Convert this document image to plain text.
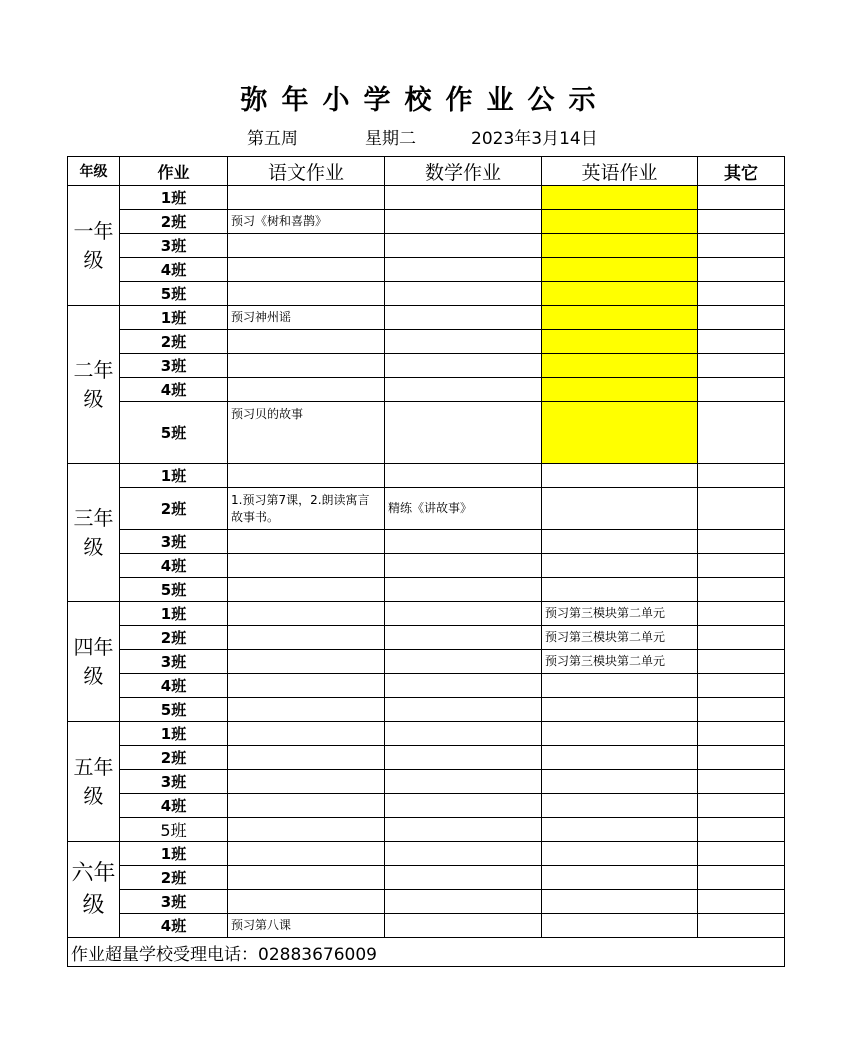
弥年小学校作业公示
第五周	星期二	2023年3月14日
年级	作业	语文作业	数学作业	英语作业	其它
一年级	1班				
	2班	预习《树和喜鹊》			
	3班				
	4班				
	5班				
二年级	1班	预习神州谣			
	2班				
	3班				
	4班				
	5班	预习贝的故事			
三年级	1班				
	2班	1.预习第7课，2.朗读寓言故事书。	精练《讲故事》		
	3班				
	4班				
	5班				
四年级	1班			预习第三模块第二单元	
	2班			预习第三模块第二单元	
	3班			预习第三模块第二单元	
	4班				
	5班				
五年级	1班				
	2班				
	3班				
	4班				
	5班				
六年级	1班				
	2班				
	3班				
	4班	预习第八课			
作业超量学校受理电话：02883676009					
